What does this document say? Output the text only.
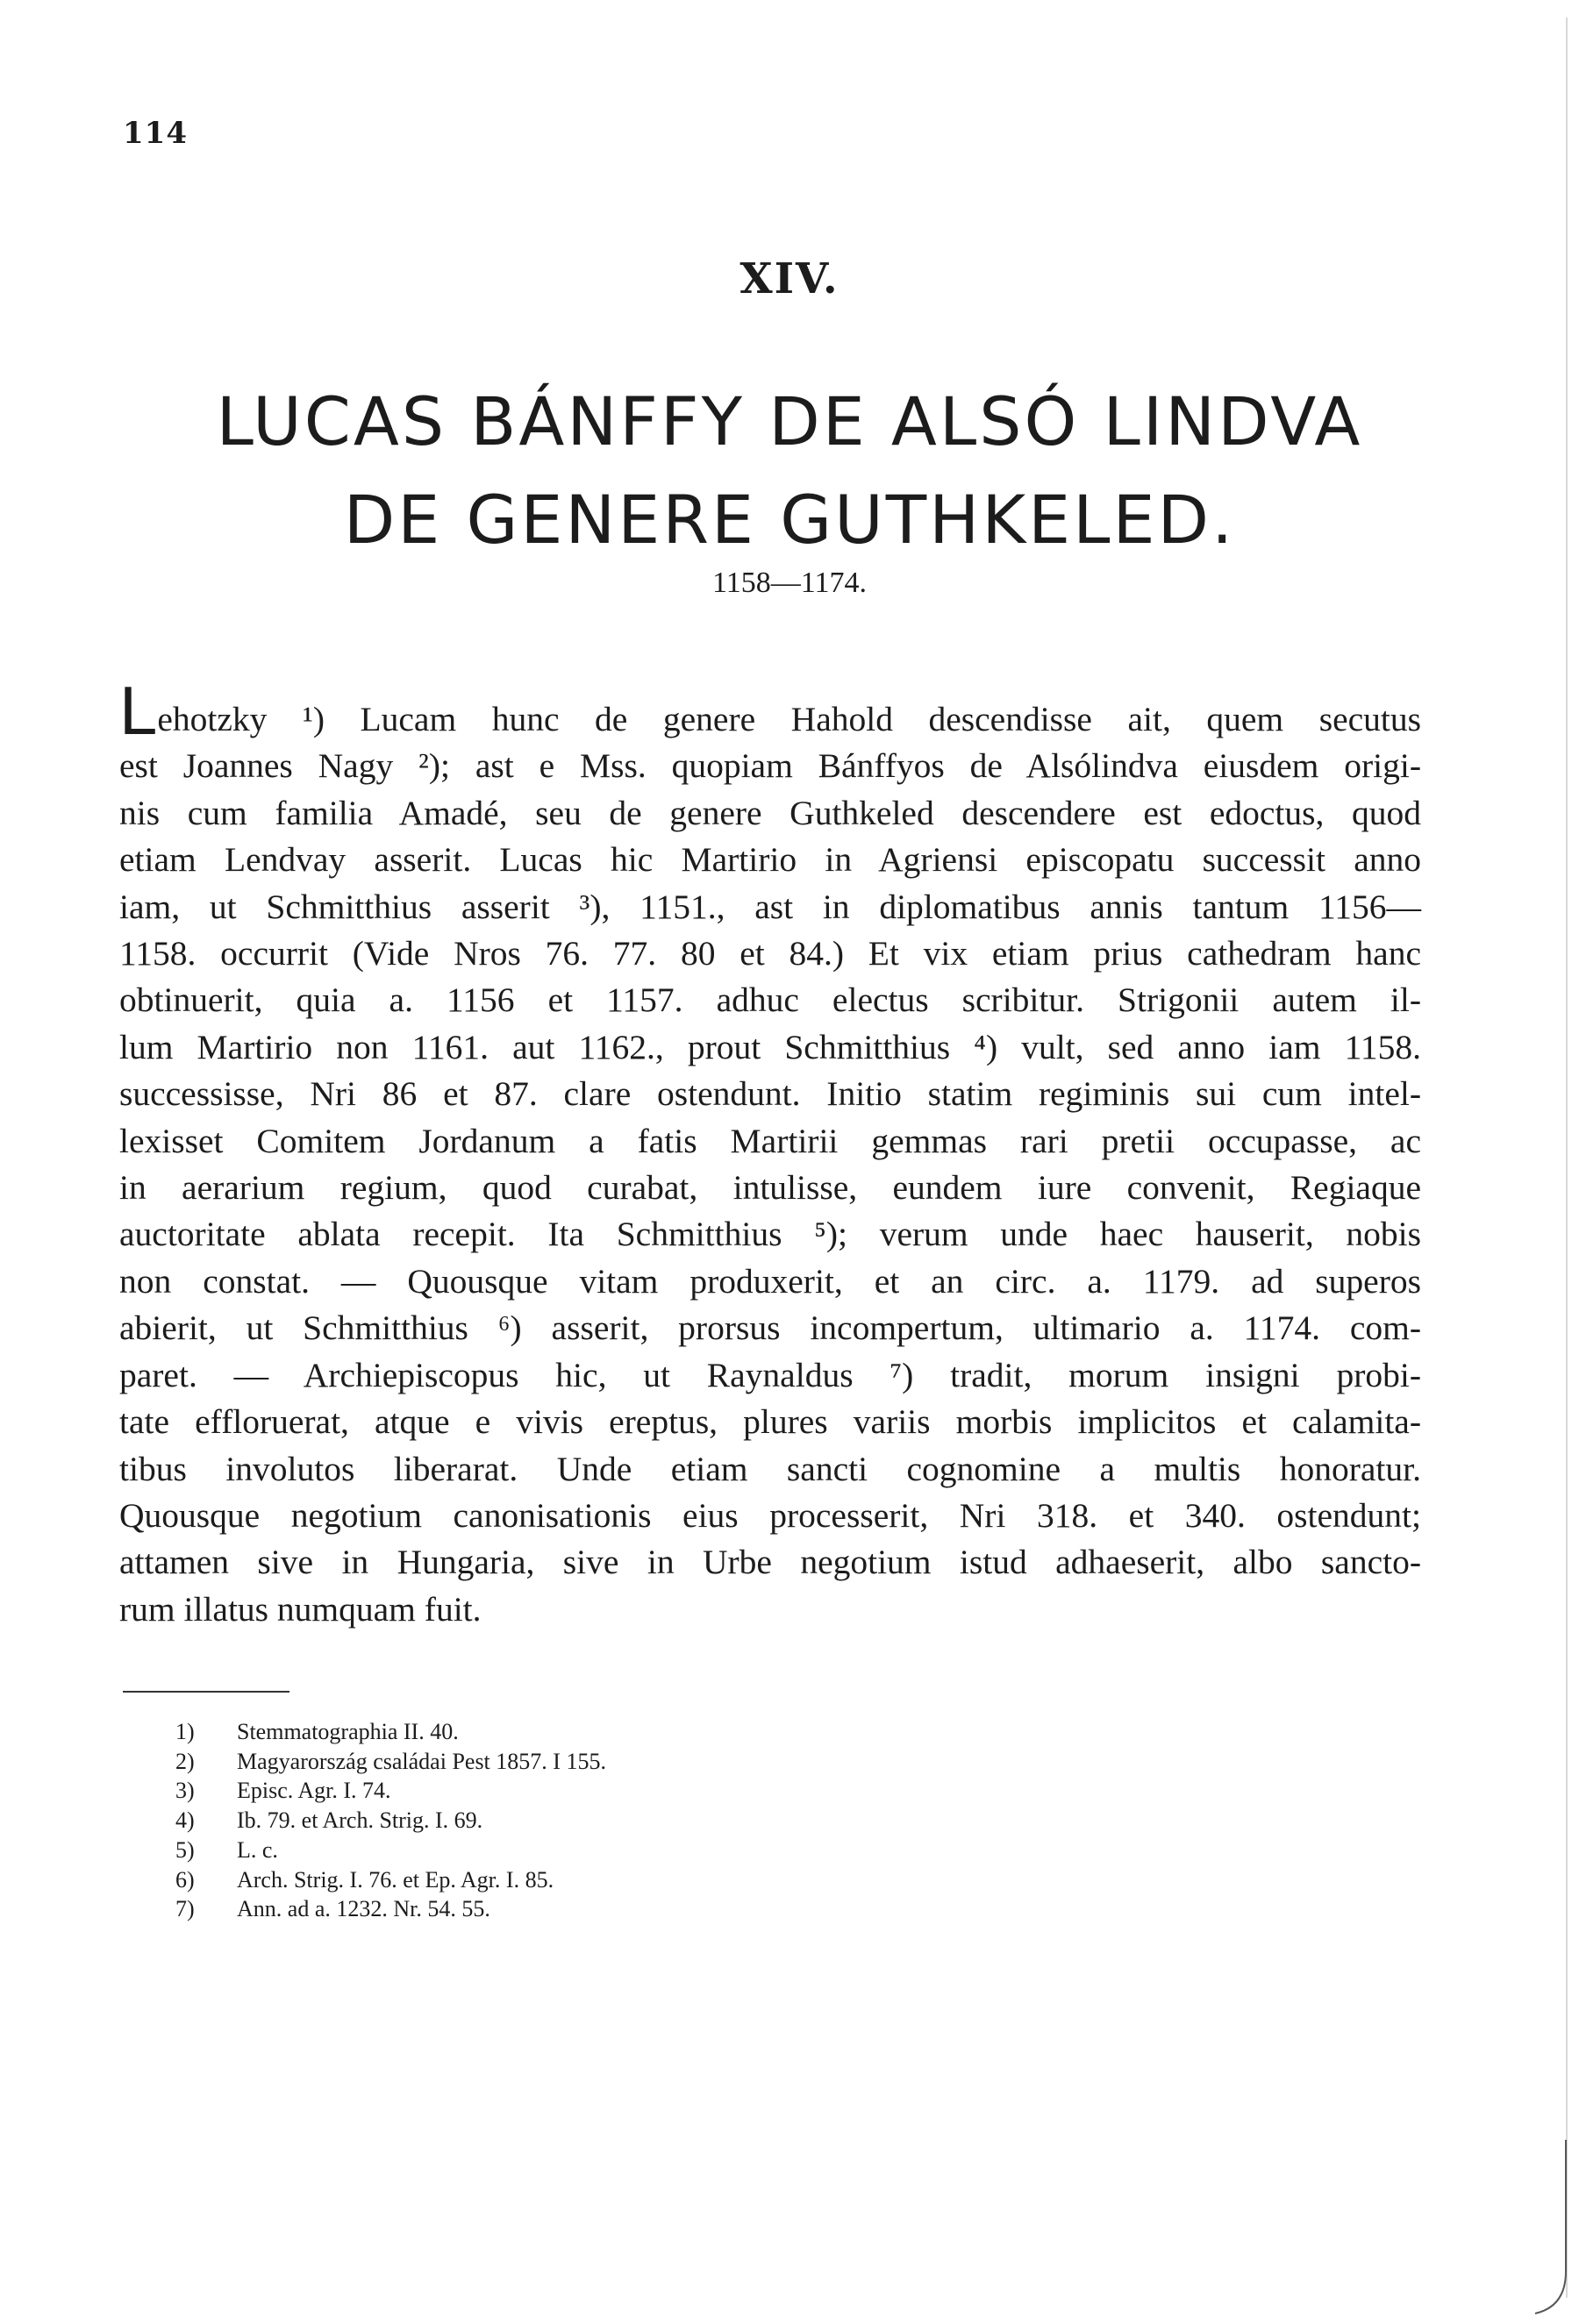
114
XIV.
LUCAS BÁNFFY DE ALSÓ LINDVA
DE GENERE GUTHKELED.
1158—1174.
Lehotzky ¹) Lucam hunc de genere Hahold descendisse ait, quem secutus
est Joannes Nagy ²); ast e Mss. quopiam Bánffyos de Alsólindva eiusdem origi-
nis cum familia Amadé, seu de genere Guthkeled descendere est edoctus, quod
etiam Lendvay asserit. Lucas hic Martirio in Agriensi episcopatu successit anno
iam, ut Schmitthius asserit ³), 1151., ast in diplomatibus annis tantum 1156—
1158. occurrit (Vide Nros 76. 77. 80 et 84.) Et vix etiam prius cathedram hanc
obtinuerit, quia a. 1156 et 1157. adhuc electus scribitur. Strigonii autem il-
lum Martirio non 1161. aut 1162., prout Schmitthius ⁴) vult, sed anno iam 1158.
successisse, Nri 86 et 87. clare ostendunt. Initio statim regiminis sui cum intel-
lexisset Comitem Jordanum a fatis Martirii gemmas rari pretii occupasse, ac
in aerarium regium, quod curabat, intulisse, eundem iure convenit, Regiaque
auctoritate ablata recepit. Ita Schmitthius ⁵); verum unde haec hauserit, nobis
non constat. — Quousque vitam produxerit, et an circ. a. 1179. ad superos
abierit, ut Schmitthius ⁶) asserit, prorsus incompertum, ultimario a. 1174. com-
paret. — Archiepiscopus hic, ut Raynaldus ⁷) tradit, morum insigni probi-
tate effloruerat, atque e vivis ereptus, plures variis morbis implicitos et calamita-
tibus involutos liberarat. Unde etiam sancti cognomine a multis honoratur.
Quousque negotium canonisationis eius processerit, Nri 318. et 340. ostendunt;
attamen sive in Hungaria, sive in Urbe negotium istud adhaeserit, albo sancto-
rum illatus numquam fuit.
1) Stemmatographia II. 40.
2) Magyarország családai Pest 1857. I 155.
3) Episc. Agr. I. 74.
4) Ib. 79. et Arch. Strig. I. 69.
5) L. c.
6) Arch. Strig. I. 76. et Ep. Agr. I. 85.
7) Ann. ad a. 1232. Nr. 54. 55.
